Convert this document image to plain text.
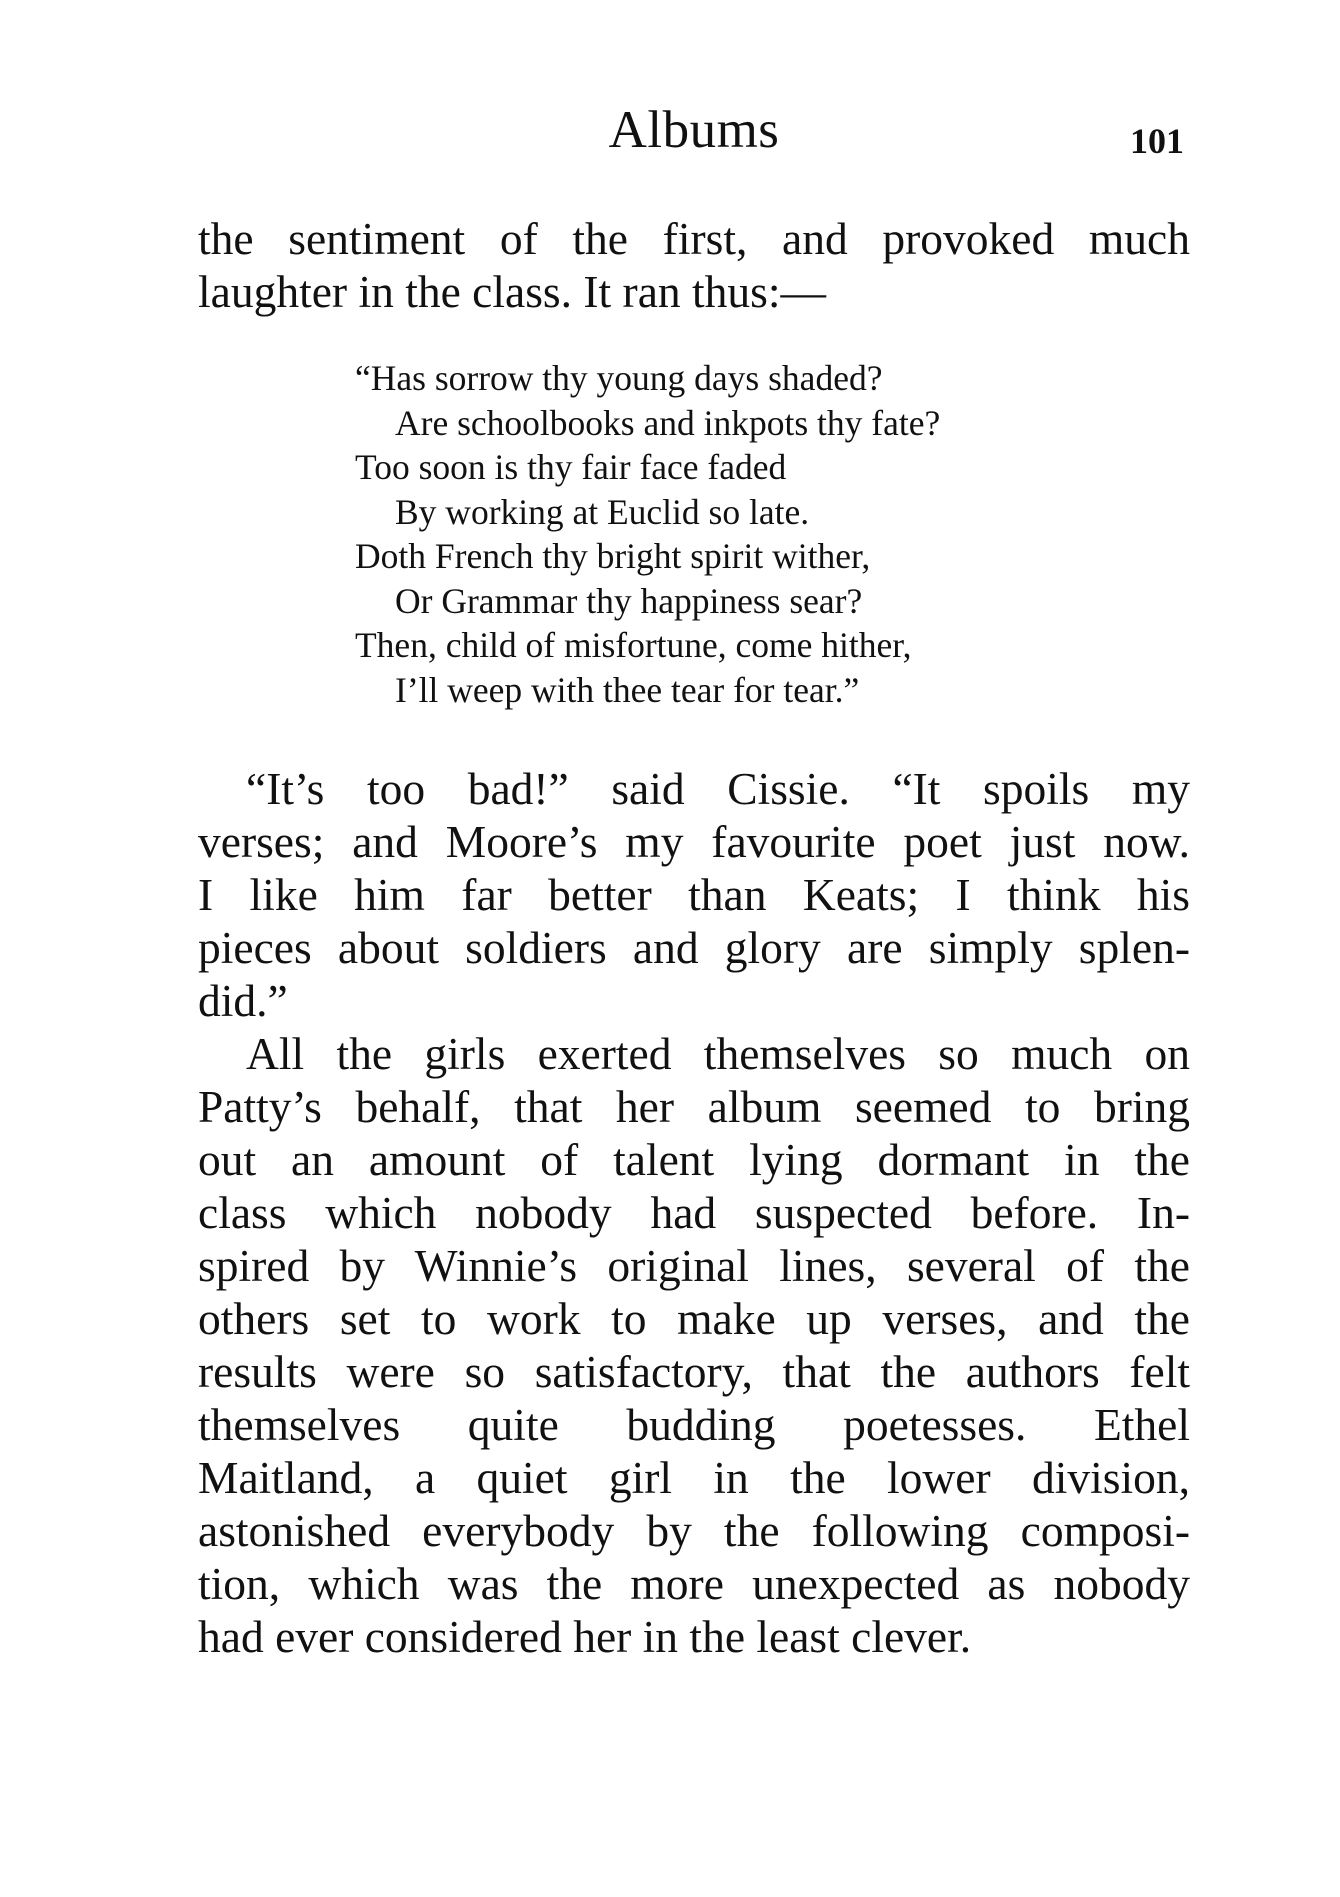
Albums	101
the sentiment of the first, and provoked much
laughter in the class. It ran thus:—
“Has sorrow thy young days shaded?
Are schoolbooks and inkpots thy fate?
Too soon is thy fair face faded
By working at Euclid so late.
Doth French thy bright spirit wither,
Or Grammar thy happiness sear?
Then, child of misfortune, come hither,
I’ll weep with thee tear for tear.”
“It’s too bad!” said Cissie. “It spoils my
verses; and Moore’s my favourite poet just now.
I like him far better than Keats; I think his
pieces about soldiers and glory are simply splen-
did.”
All the girls exerted themselves so much on
Patty’s behalf, that her album seemed to bring
out an amount of talent lying dormant in the
class which nobody had suspected before. In-
spired by Winnie’s original lines, several of the
others set to work to make up verses, and the
results were so satisfactory, that the authors felt
themselves quite budding poetesses. Ethel
Maitland, a quiet girl in the lower division,
astonished everybody by the following composi-
tion, which was the more unexpected as nobody
had ever considered her in the least clever.
